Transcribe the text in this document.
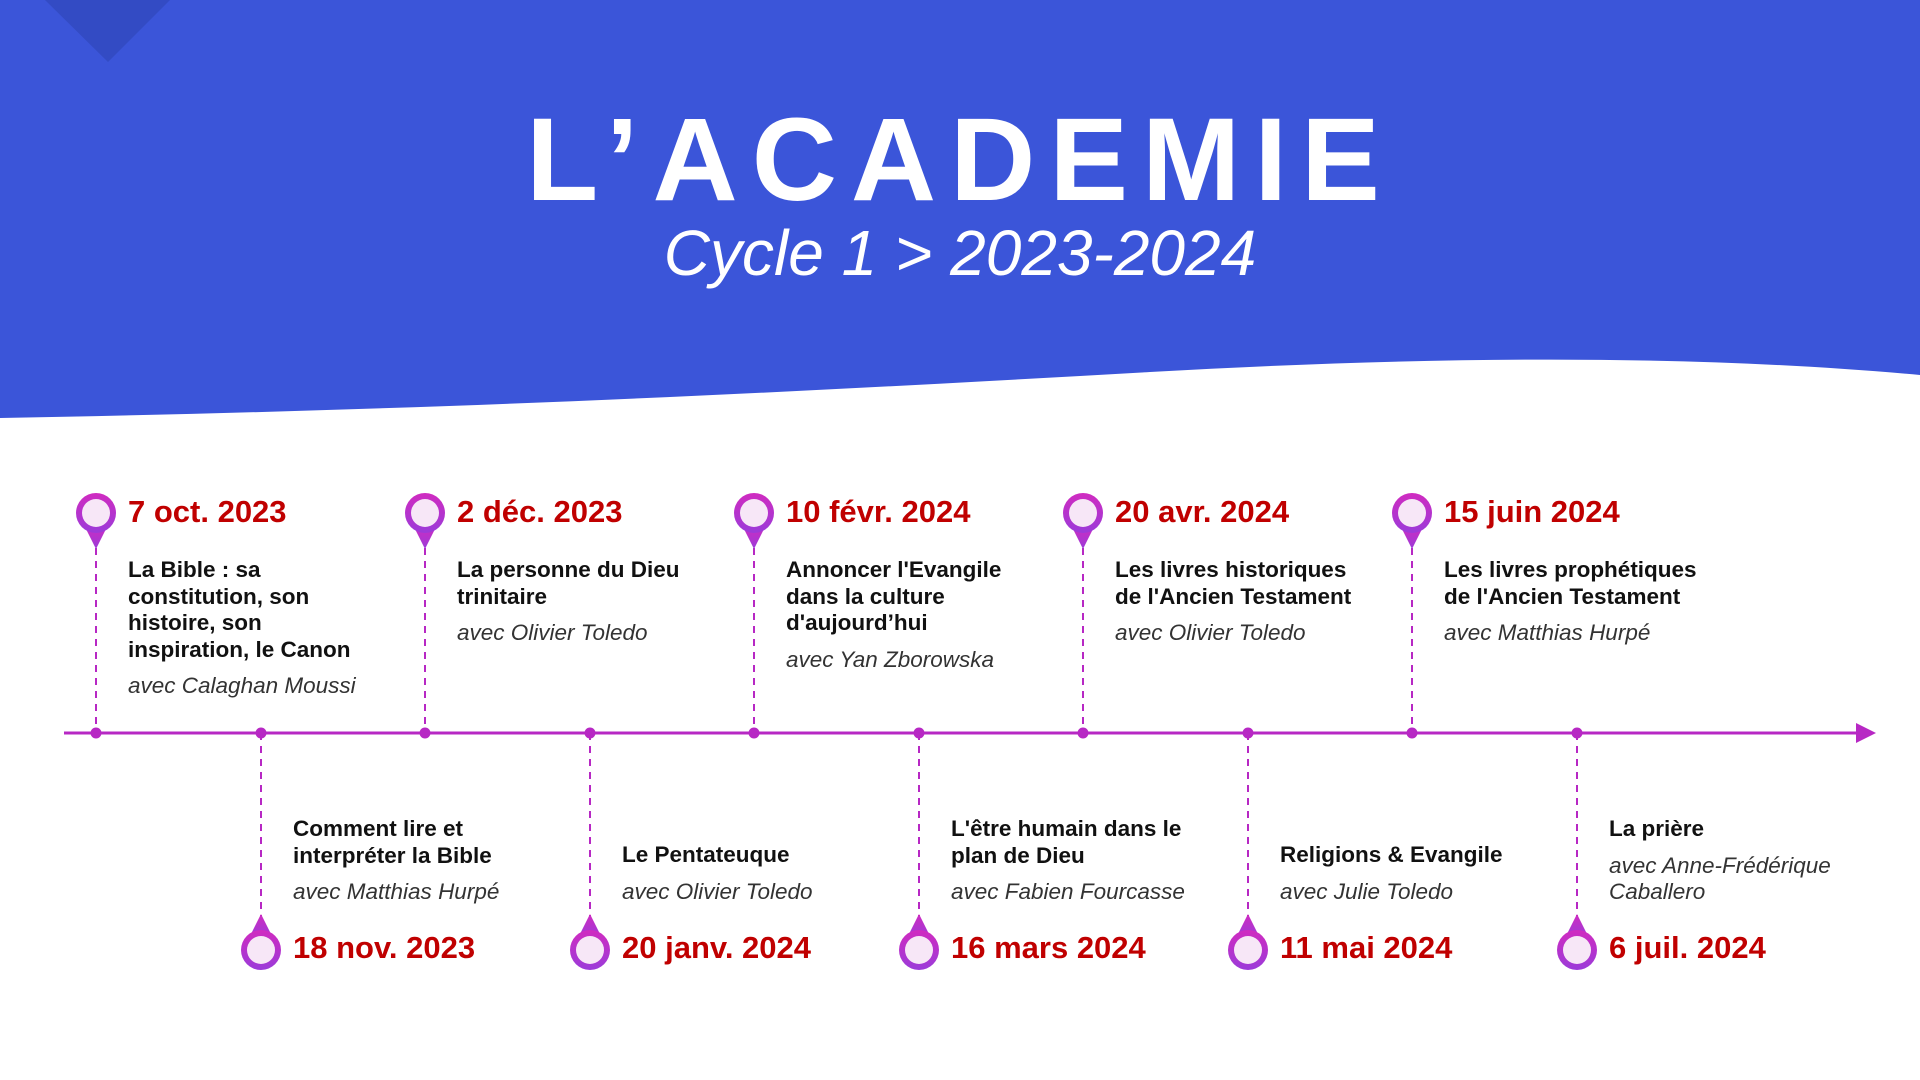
L’ACADEMIE
Cycle 1 > 2023-2024
7 oct. 2023
La Bible : sa constitution, son histoire, son inspiration, le Canon
avec Calaghan Moussi
2 déc. 2023
La personne du Dieu trinitaire
avec Olivier Toledo
10 févr. 2024
Annoncer l'Evangile dans la culture d'aujourd’hui
avec Yan Zborowska
20 avr. 2024
Les livres historiques de l'Ancien Testament
avec Olivier Toledo
15 juin 2024
Les livres prophétiques de l'Ancien Testament
avec Matthias Hurpé
18 nov. 2023
Comment lire et interpréter la Bible
avec Matthias Hurpé
20 janv. 2024
Le Pentateuque
avec Olivier Toledo
16 mars 2024
L'être humain dans le plan de Dieu
avec Fabien Fourcasse
11 mai 2024
Religions & Evangile
avec Julie Toledo
6 juil. 2024
La prière
avec Anne-Frédérique Caballero
